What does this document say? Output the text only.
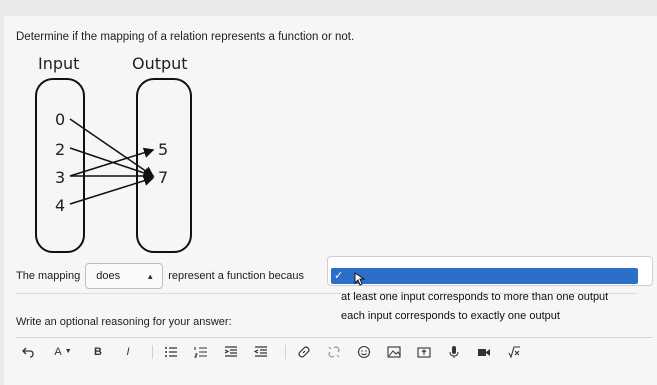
Determine if the mapping of a relation represents a function or not.
Input	Output
0
2
3
4
5
7
The mapping does	▲︎ represent a function becaus	✓
at least one input corresponds to more than one output
each input corresponds to exactly one output
Write an optional reasoning for your answer:
A ▼	B	I
